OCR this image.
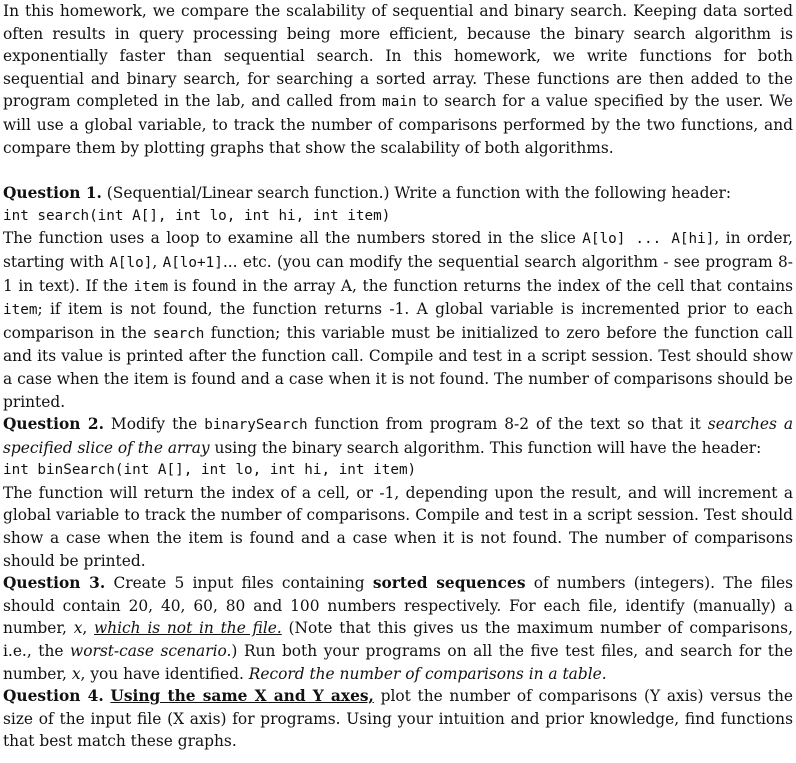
In this homework, we compare the scalability of sequential and binary search. Keeping data sorted often results in query processing being more efficient, because the binary search algorithm is exponentially faster than sequential search. In this homework, we write functions for both sequential and binary search, for searching a sorted array. These functions are then added to the program completed in the lab, and called from main to search for a value specified by the user. We will use a global variable, to track the number of comparisons performed by the two functions, and compare them by plotting graphs that show the scalability of both algorithms.

Question 1. (Sequential/Linear search function.) Write a function with the following header:

int search(int A[], int lo, int hi, int item)

The function uses a loop to examine all the numbers stored in the slice A[lo] ... A[hi], in order, starting with A[lo], A[lo+1]... etc. (you can modify the sequential search algorithm - see program 8-1 in text). If the item is found in the array A, the function returns the index of the cell that contains item; if item is not found, the function returns -1. A global variable is incremented prior to each comparison in the search function; this variable must be initialized to zero before the function call and its value is printed after the function call. Compile and test in a script session. Test should show a case when the item is found and a case when it is not found. The number of comparisons should be printed.

Question 2. Modify the binarySearch function from program 8-2 of the text so that it searches a specified slice of the array using the binary search algorithm. This function will have the header:

int binSearch(int A[], int lo, int hi, int item)

The function will return the index of a cell, or -1, depending upon the result, and will increment a global variable to track the number of comparisons. Compile and test in a script session. Test should show a case when the item is found and a case when it is not found. The number of comparisons should be printed.

Question 3. Create 5 input files containing sorted sequences of numbers (integers). The files should contain 20, 40, 60, 80 and 100 numbers respectively. For each file, identify (manually) a number, x, which is not in the file. (Note that this gives us the maximum number of comparisons, i.e., the worst-case scenario.) Run both your programs on all the five test files, and search for the number, x, you have identified. Record the number of comparisons in a table.

Question 4. Using the same X and Y axes, plot the number of comparisons (Y axis) versus the size of the input file (X axis) for programs. Using your intuition and prior knowledge, find functions that best match these graphs.
